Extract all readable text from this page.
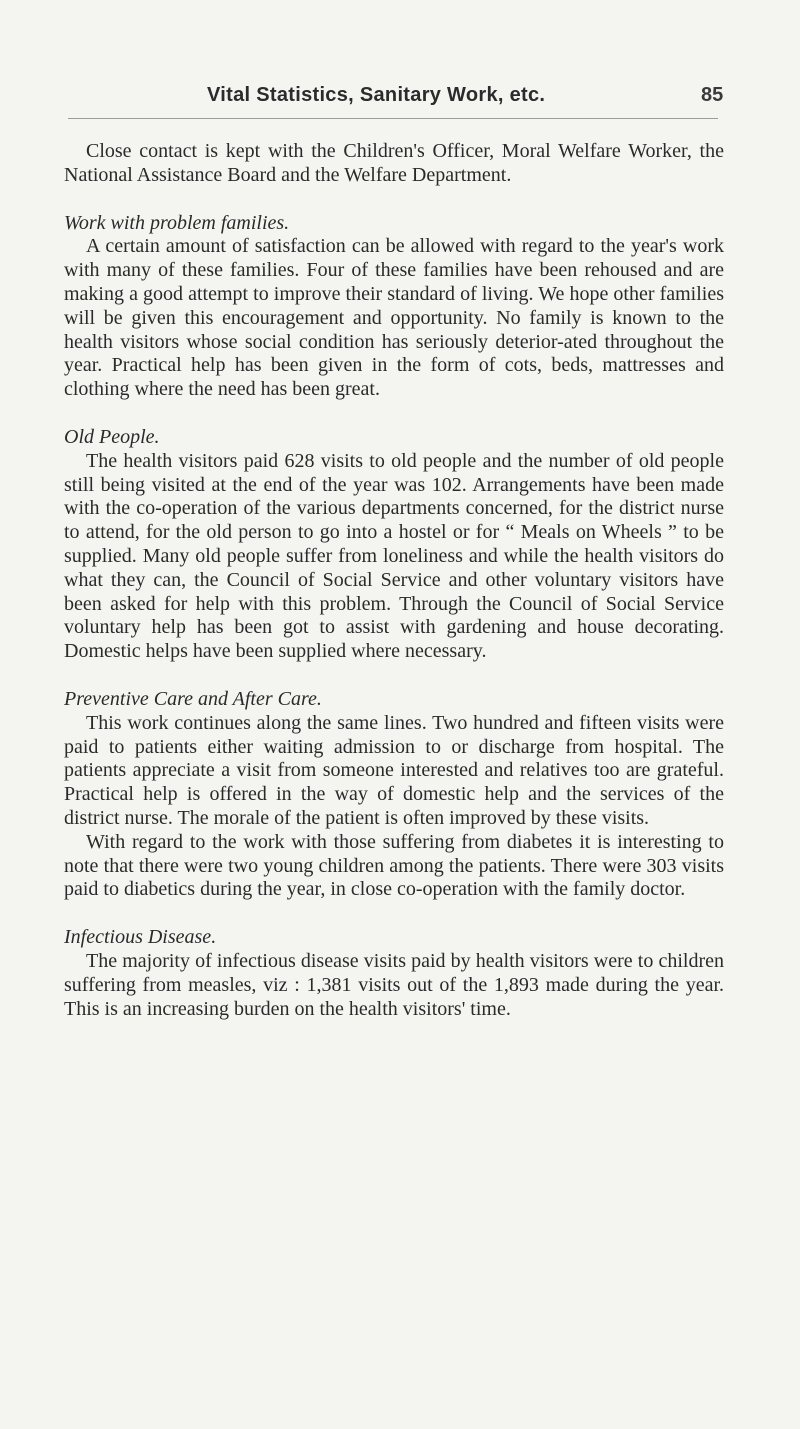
Vital Statistics, Sanitary Work, etc.	85

Close contact is kept with the Children's Officer, Moral Welfare Worker, the National Assistance Board and the Welfare Department.

Work with problem families.

A certain amount of satisfaction can be allowed with regard to the year's work with many of these families. Four of these families have been rehoused and are making a good attempt to improve their standard of living. We hope other families will be given this encouragement and opportunity. No family is known to the health visitors whose social condition has seriously deterior-ated throughout the year. Practical help has been given in the form of cots, beds, mattresses and clothing where the need has been great.

Old People.

The health visitors paid 628 visits to old people and the number of old people still being visited at the end of the year was 102. Arrangements have been made with the co-operation of the various departments concerned, for the district nurse to attend, for the old person to go into a hostel or for “ Meals on Wheels ” to be supplied. Many old people suffer from loneliness and while the health visitors do what they can, the Council of Social Service and other voluntary visitors have been asked for help with this problem. Through the Council of Social Service voluntary help has been got to assist with gardening and house decorating. Domestic helps have been supplied where necessary.

Preventive Care and After Care.

This work continues along the same lines. Two hundred and fifteen visits were paid to patients either waiting admission to or discharge from hospital. The patients appreciate a visit from someone interested and relatives too are grateful. Practical help is offered in the way of domestic help and the services of the district nurse. The morale of the patient is often improved by these visits.

With regard to the work with those suffering from diabetes it is interesting to note that there were two young children among the patients. There were 303 visits paid to diabetics during the year, in close co-operation with the family doctor.

Infectious Disease.

The majority of infectious disease visits paid by health visitors were to children suffering from measles, viz : 1,381 visits out of the 1,893 made during the year. This is an increasing burden on the health visitors' time.
